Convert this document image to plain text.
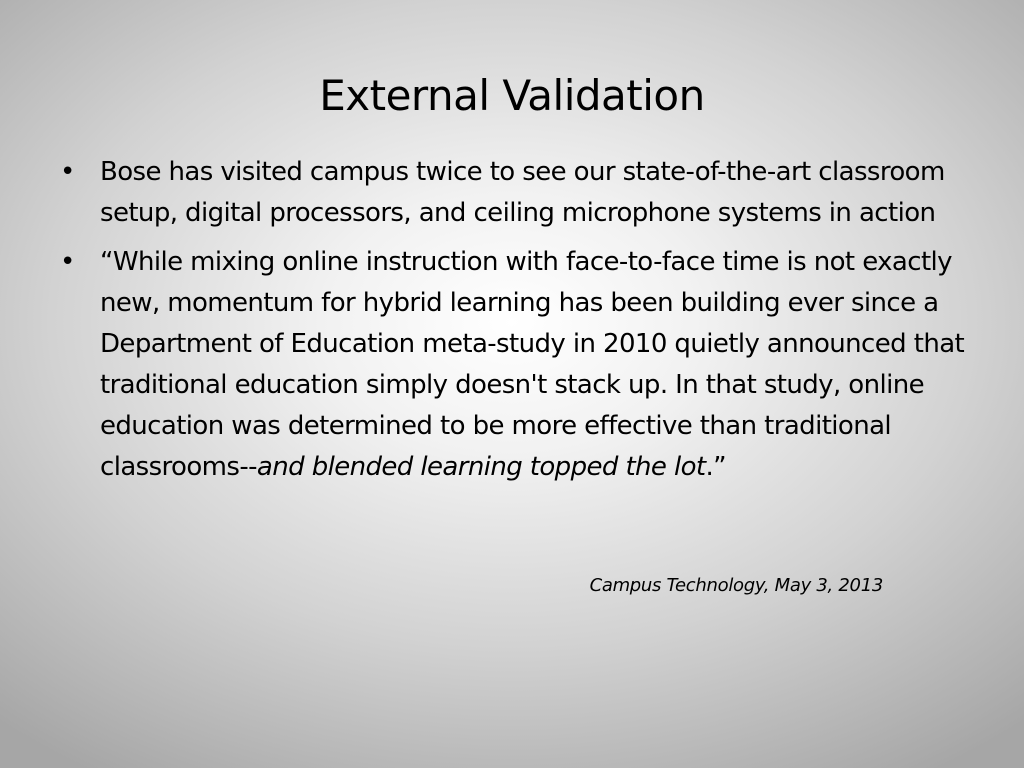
External Validation
• Bose has visited campus twice to see our state-of-the-art classroom setup, digital processors, and ceiling microphone systems in action
• “While mixing online instruction with face-to-face time is not exactly new, momentum for hybrid learning has been building ever since a Department of Education meta-study in 2010 quietly announced that traditional education simply doesn't stack up. In that study, online education was determined to be more effective than traditional classrooms--and blended learning topped the lot.”
Campus Technology, May 3, 2013
